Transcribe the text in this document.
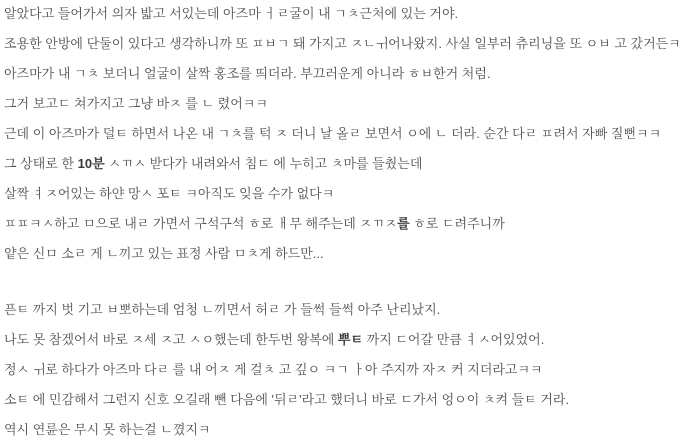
알았다고 들어가서 의자 밟고 서있는데 아즈마 ㅓㄹ굴이 내 ㄱㅊ근처에 있는 거야.

조용한 안방에 단둘이 있다고 생각하니까 또 ㅍㅂㄱ 돼 가지고 ㅈㄴㅟ어나왔지. 사실 일부러 츄리닝을 또 ㅇㅂ 고 갔거든ㅋ

아즈마가 내 ㄱㅊ 보더니 얼굴이 살짝 홍조를 띄더라. 부끄러운게 아니라 ㅎㅂ한거 처럼.

그거 보고ㄷ 쳐가지고 그냥 바ㅈ 를 ㄴ 렸어ㅋㅋ

근데 이 아즈마가 덜ㅌ 하면서 나온 내 ㄱㅊ를 턱 ㅈ 더니 날 올ㄹ 보면서 ㅇ에 ㄴ 더라. 순간 다ㄹ ㅍ려서 자빠 질뻔ㅋㅋ

그 상태로 한 10분 ㅅㄲㅅ 받다가 내려와서 침ㄷ 에 누히고 ㅊ마를 들췄는데

살짝 ㅕㅈ어있는 하얀 망ㅅ 포ㅌ ㅋ아직도 잊을 수가 없다ㅋ

ㅍㅍㅋㅅ하고 ㅁ으로 내ㄹ 가면서 구석구석 ㅎ로 ㅐ무 해주는데 ㅈㄲㅈ를 ㅎ로 ㄷ려주니까

얕은 신ㅁ 소ㄹ 게 ㄴ끼고 있는 표정 사람 ㅁㅊ게 하드만...

픈ㅌ 까지 벗 기고 ㅂ뽀하는데 엄청 ㄴ끼면서 허ㄹ 가 들썩 들썩 아주 난리났지.

나도 못 참겠어서 바로 ㅈ세 ㅈ고 ㅅㅇ했는데 한두번 왕복에 뿌ㅌ 까지 ㄷ어갈 만큼 ㅕㅅ어있었어.

정ㅅ ㅟ로 하다가 아즈마 다ㄹ 를 내 어ㅈ 게 걸ㅊ 고 깊ㅇ ㅋㄱ ㅏ아 주지까 자ㅈ 커 지더라고ㅋㅋ

소ㅌ 에 민감해서 그런지 신호 오길래 뺀 다음에 '뒤ㄹ'라고 했더니 바로 ㄷ가서 엉ㅇ이 ㅊ켜 들ㅌ 거라.

역시 연륜은 무시 못 하는걸 ㄴ꼈지ㅋ
